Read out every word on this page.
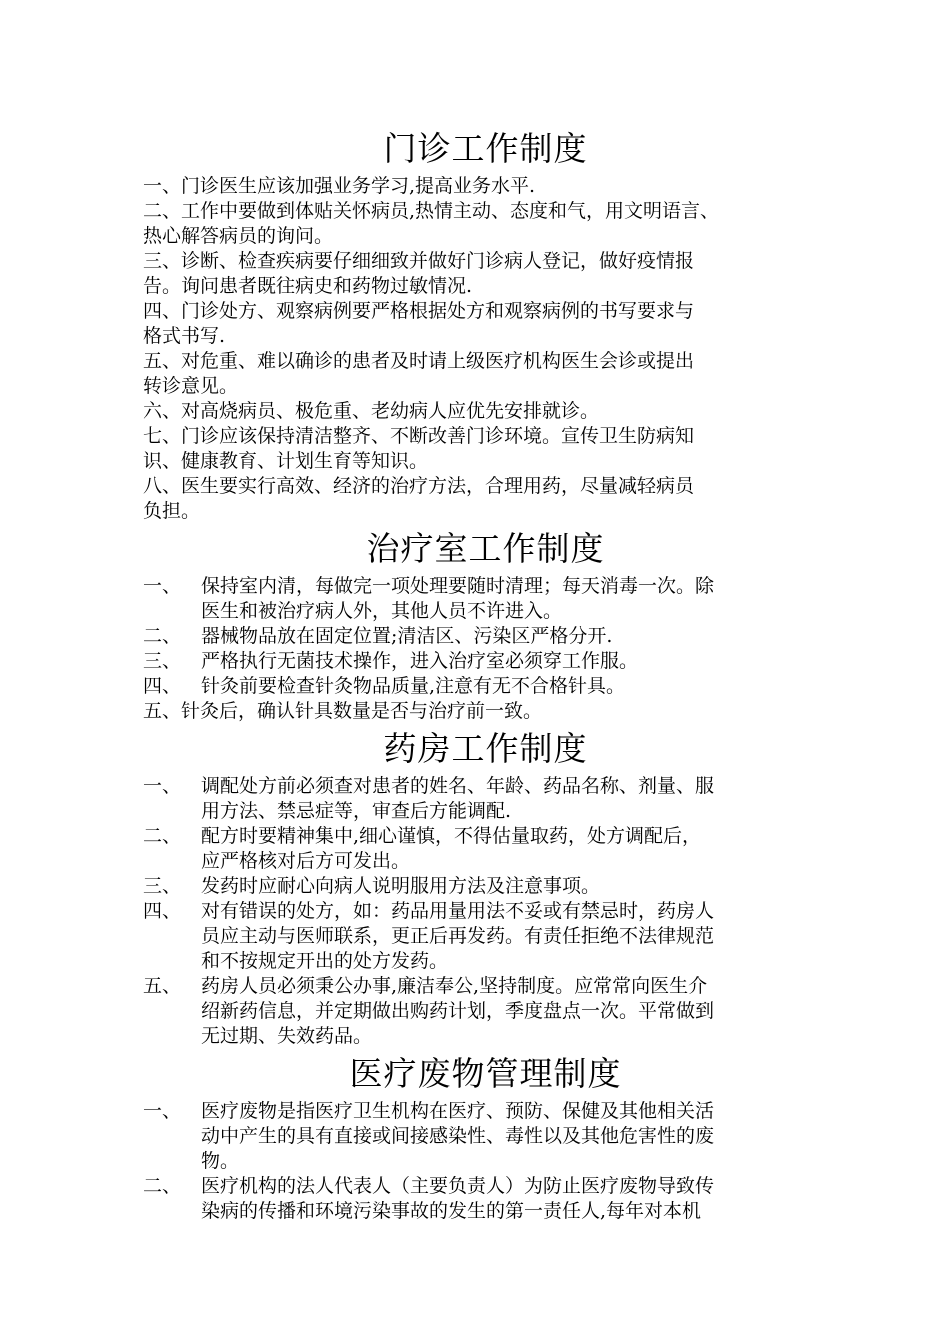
门诊工作制度

一、门诊医生应该加强业务学习,提高业务水平.

二、工作中要做到体贴关怀病员,热情主动、态度和气，用文明语言、

热心解答病员的询问。

三、诊断、检查疾病要仔细细致并做好门诊病人登记，做好疫情报

告。询问患者既往病史和药物过敏情况.

四、门诊处方、观察病例要严格根据处方和观察病例的书写要求与

格式书写.

五、对危重、难以确诊的患者及时请上级医疗机构医生会诊或提出

转诊意见。

六、对高烧病员、极危重、老幼病人应优先安排就诊。

七、门诊应该保持清洁整齐、不断改善门诊环境。宣传卫生防病知

识、健康教育、计划生育等知识。

八、医生要实行高效、经济的治疗方法，合理用药，尽量减轻病员

负担。

治疗室工作制度
一、 保持室内清，每做完一项处理要随时清理；每天消毒一次。除
医生和被治疗病人外，其他人员不许进入。
二、 器械物品放在固定位置;清洁区、污染区严格分开.
三、 严格执行无菌技术操作，进入治疗室必须穿工作服。
四、 针灸前要检查针灸物品质量,注意有无不合格针具。

五、针灸后，确认针具数量是否与治疗前一致。

药房工作制度
一、 调配处方前必须查对患者的姓名、年龄、药品名称、剂量、服
用方法、禁忌症等，审查后方能调配.
二、 配方时要精神集中,细心谨慎，不得估量取药，处方调配后，
应严格核对后方可发出。
三、 发药时应耐心向病人说明服用方法及注意事项。
四、 对有错误的处方，如：药品用量用法不妥或有禁忌时，药房人
员应主动与医师联系，更正后再发药。有责任拒绝不法律规范
和不按规定开出的处方发药。
五、 药房人员必须秉公办事,廉洁奉公,坚持制度。应常常向医生介
绍新药信息，并定期做出购药计划，季度盘点一次。平常做到
无过期、失效药品。
医疗废物管理制度
一、 医疗废物是指医疗卫生机构在医疗、预防、保健及其他相关活
动中产生的具有直接或间接感染性、毒性以及其他危害性的废
物。
二、 医疗机构的法人代表人（主要负责人）为防止医疗废物导致传
染病的传播和环境污染事故的发生的第一责任人,每年对本机
